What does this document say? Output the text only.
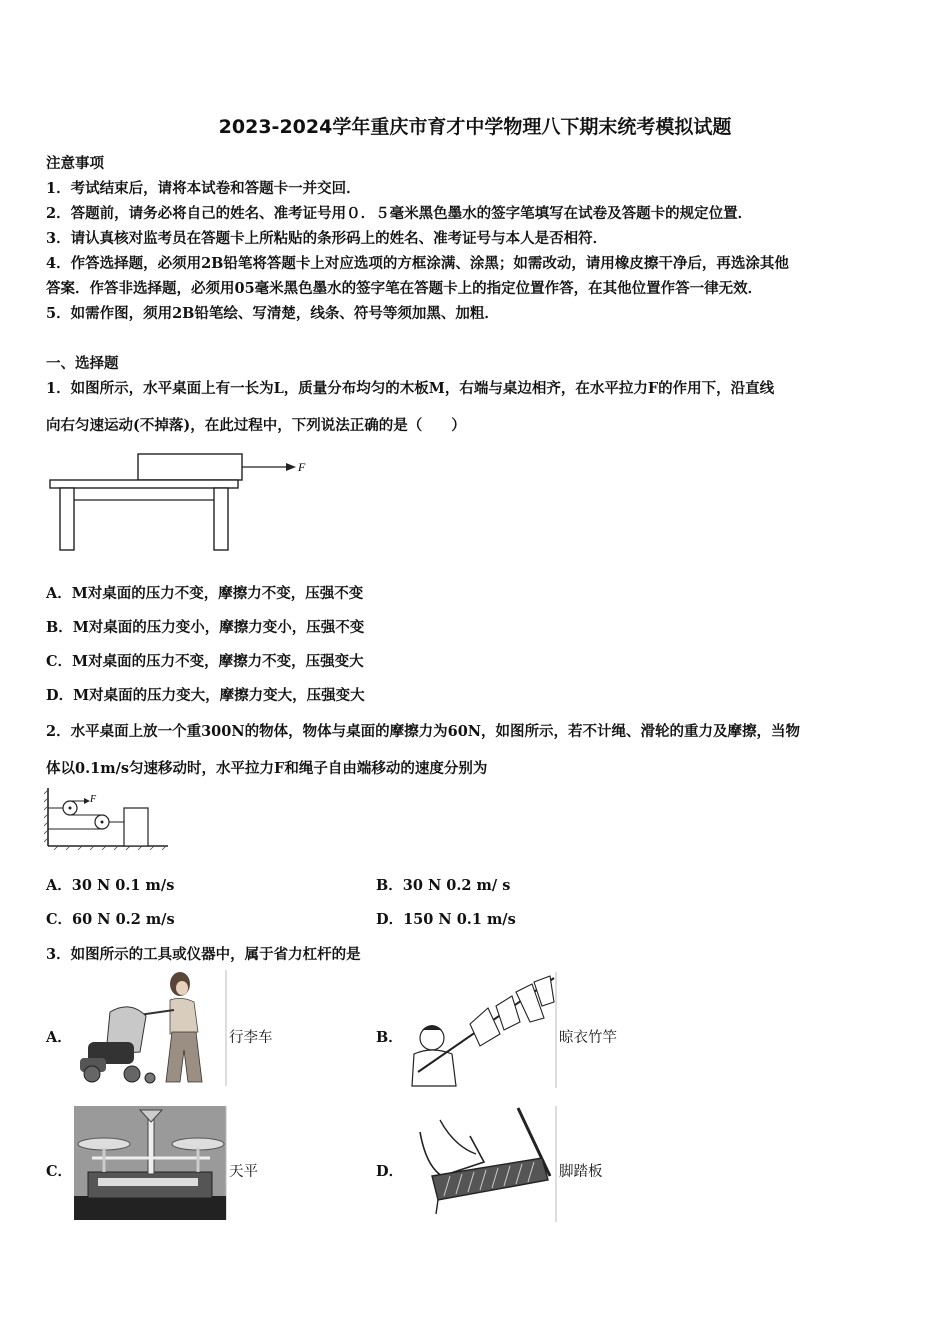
2023-2024学年重庆市育才中学物理八下期末统考模拟试题
注意事项
1．考试结束后，请将本试卷和答题卡一并交回．
2．答题前，请务必将自己的姓名、准考证号用０．５毫米黑色墨水的签字笔填写在试卷及答题卡的规定位置．
3．请认真核对监考员在答题卡上所粘贴的条形码上的姓名、准考证号与本人是否相符．
4．作答选择题，必须用2B铅笔将答题卡上对应选项的方框涂满、涂黑；如需改动，请用橡皮擦干净后，再选涂其他
答案．作答非选择题，必须用05毫米黑色墨水的签字笔在答题卡上的指定位置作答，在其他位置作答一律无效．
5．如需作图，须用2B铅笔绘、写清楚，线条、符号等须加黑、加粗．
一、选择题
1．如图所示，水平桌面上有一长为L，质量分布均匀的木板M，右端与桌边相齐，在水平拉力F的作用下，沿直线
向右匀速运动(不掉落)，在此过程中，下列说法正确的是（　　）
F
A．M对桌面的压力不变，摩擦力不变，压强不变
B．M对桌面的压力变小，摩擦力变小，压强不变
C．M对桌面的压力不变，摩擦力不变，压强变大
D．M对桌面的压力变大，摩擦力变大，压强变大
2．水平桌面上放一个重300N的物体，物体与桌面的摩擦力为60N，如图所示，若不计绳、滑轮的重力及摩擦，当物
体以0.1m/s匀速移动时，水平拉力F和绳子自由端移动的速度分别为
F
A．30 N 0.1 m/s	B．30 N 0.2 m/ s
C．60 N 0.2 m/s	D．150 N 0.1 m/s
3．如图所示的工具或仪器中，属于省力杠杆的是
A．	行李车	B．	晾衣竹竿
C．	天平	D．	脚踏板
